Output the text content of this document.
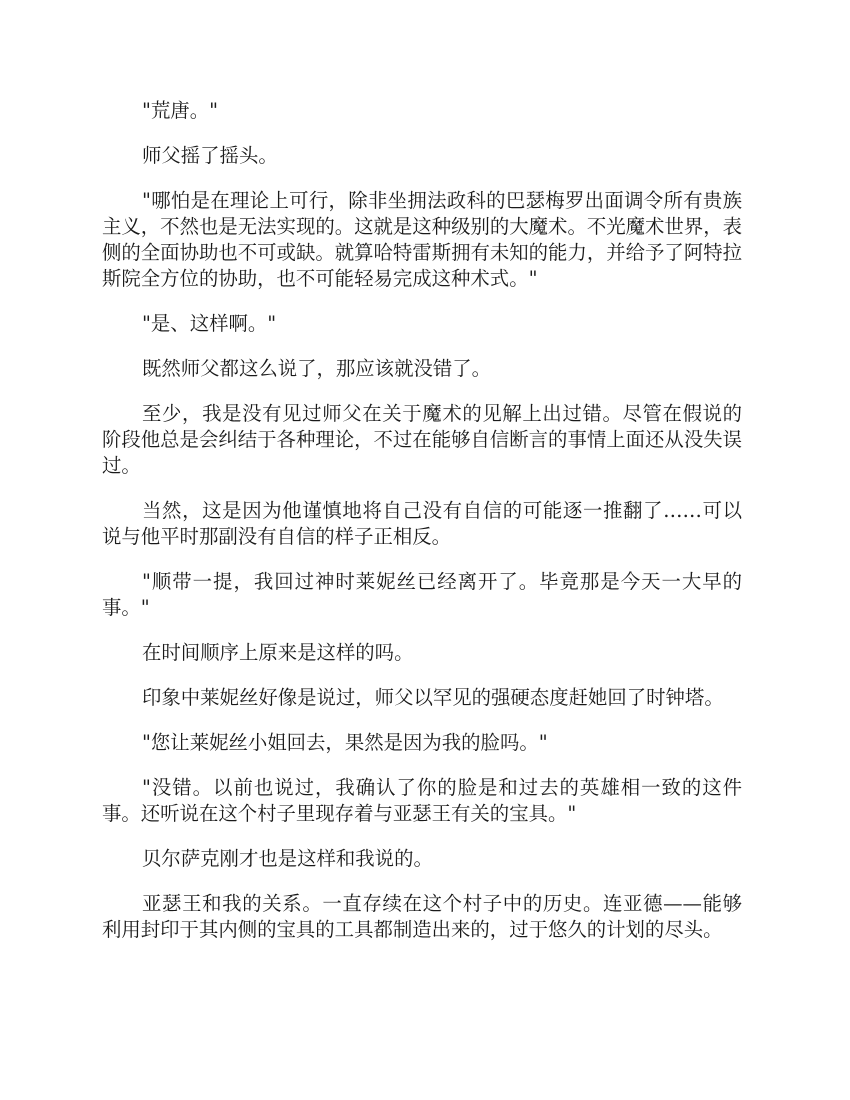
"荒唐。"

师父摇了摇头。

"哪怕是在理论上可行，除非坐拥法政科的巴瑟梅罗出面调令所有贵族主义，不然也是无法实现的。这就是这种级别的大魔术。不光魔术世界，表侧的全面协助也不可或缺。就算哈特雷斯拥有未知的能力，并给予了阿特拉斯院全方位的协助，也不可能轻易完成这种术式。"

"是、这样啊。"

既然师父都这么说了，那应该就没错了。

至少，我是没有见过师父在关于魔术的见解上出过错。尽管在假说的阶段他总是会纠结于各种理论，不过在能够自信断言的事情上面还从没失误过。

当然，这是因为他谨慎地将自己没有自信的可能逐一推翻了……可以说与他平时那副没有自信的样子正相反。

"顺带一提，我回过神时莱妮丝已经离开了。毕竟那是今天一大早的事。"

在时间顺序上原来是这样的吗。

印象中莱妮丝好像是说过，师父以罕见的强硬态度赶她回了时钟塔。

"您让莱妮丝小姐回去，果然是因为我的脸吗。"

"没错。以前也说过，我确认了你的脸是和过去的英雄相一致的这件事。还听说在这个村子里现存着与亚瑟王有关的宝具。"

贝尔萨克刚才也是这样和我说的。

亚瑟王和我的关系。一直存续在这个村子中的历史。连亚德——能够利用封印于其内侧的宝具的工具都制造出来的，过于悠久的计划的尽头。
